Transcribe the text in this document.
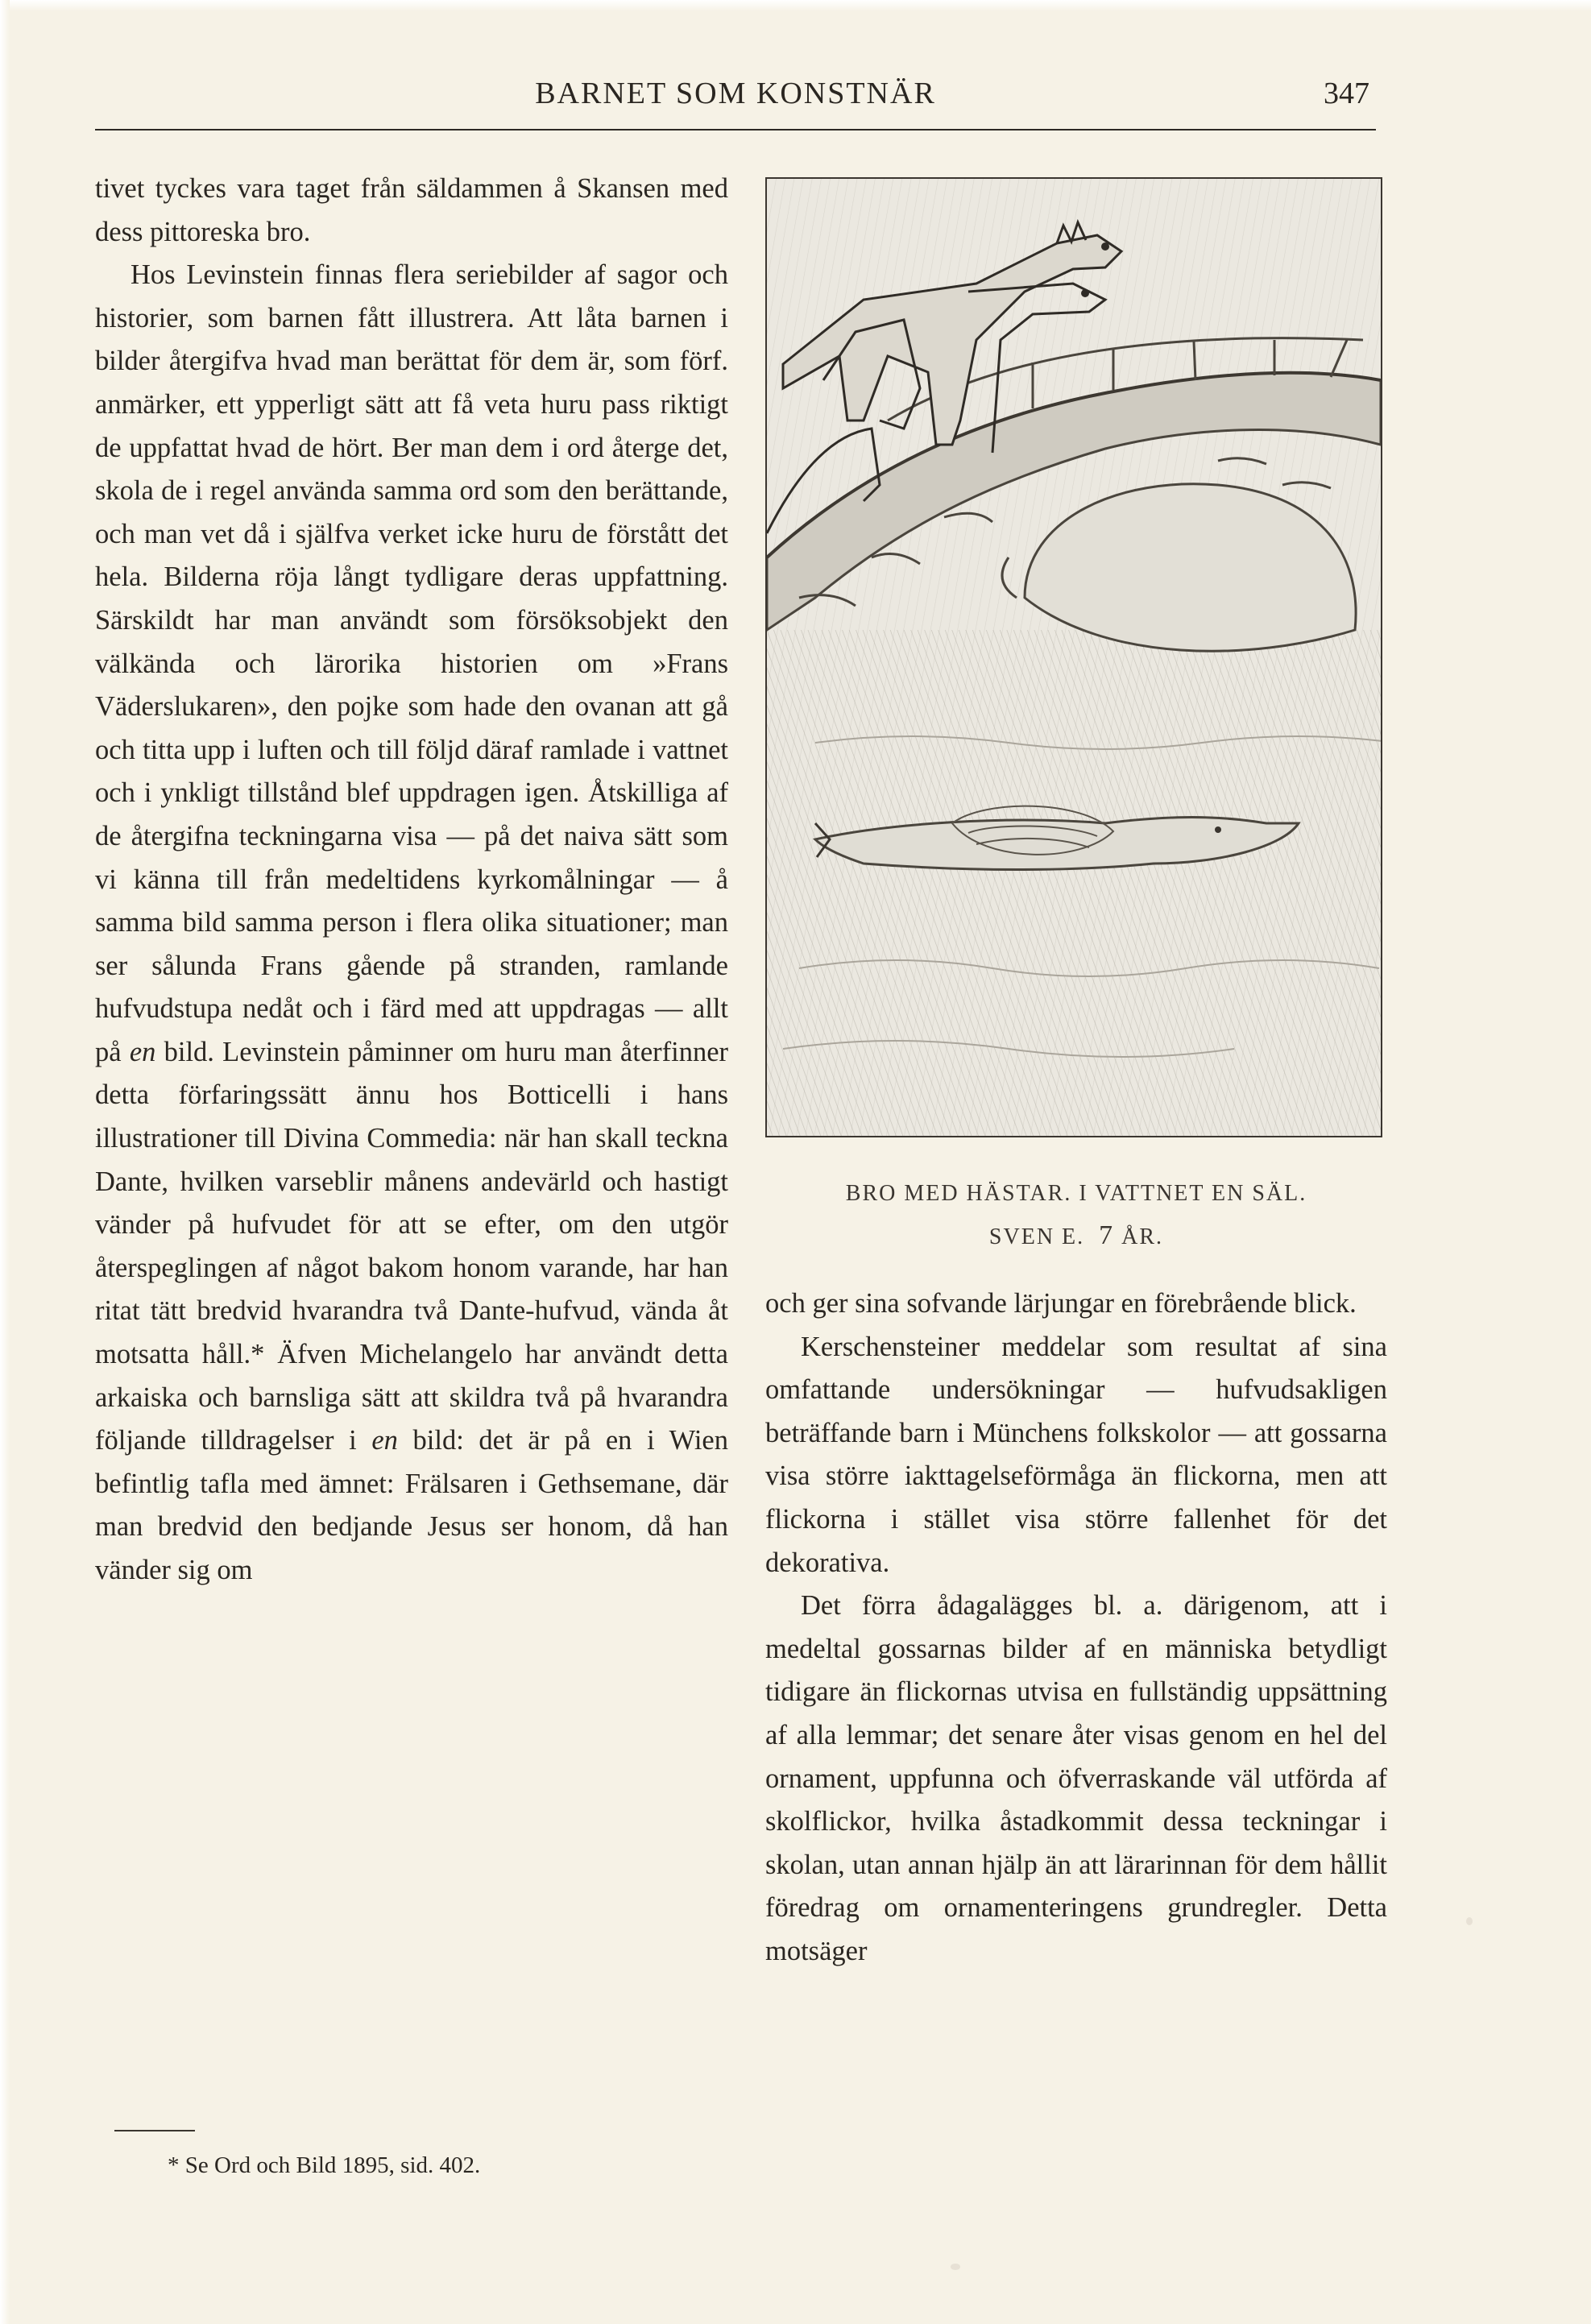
BARNET SOM KONSTNÄR	347

tivet tyckes vara taget från säldammen å Skansen med dess pittoreska bro.

Hos Levinstein finnas flera seriebilder af sagor och historier, som barnen fått illustrera. Att låta barnen i bilder återgifva hvad man berättat för dem är, som förf. anmärker, ett ypperligt sätt att få veta huru pass riktigt de uppfattat hvad de hört. Ber man dem i ord återge det, skola de i regel använda samma ord som den berättande, och man vet då i själfva verket icke huru de förstått det hela. Bilderna röja långt tydligare deras uppfattning. Särskildt har man användt som försöksobjekt den välkända och lärorika historien om »Frans Väderslukaren», den pojke som hade den ovanan att gå och titta upp i luften och till följd däraf ramlade i vattnet och i ynkligt tillstånd blef uppdragen igen. Åtskilliga af de återgifna teckningarna visa — på det naiva sätt som vi känna till från medeltidens kyrkomålningar — å samma bild samma person i flera olika situationer; man ser sålunda Frans gående på stranden, ramlande hufvudstupa nedåt och i färd med att uppdragas — allt på en bild. Levinstein påminner om huru man återfinner detta förfaringssätt ännu hos Botticelli i hans illustrationer till Divina Commedia: när han skall teckna Dante, hvilken varseblir månens andevärld och hastigt vänder på hufvudet för att se efter, om den utgör återspeglingen af något bakom honom varande, har han ritat tätt bredvid hvarandra två Dante-hufvud, vända åt motsatta håll.* Äfven Michelangelo har användt detta arkaiska och barnsliga sätt att skildra två på hvarandra följande tilldragelser i en bild: det är på en i Wien befintlig tafla med ämnet: Frälsaren i Gethsemane, där man bredvid den bedjande Jesus ser honom, då han vänder sig om

* Se Ord och Bild 1895, sid. 402.
BRO MED HÄSTAR. I VATTNET EN SÄL.
SVEN E. 7 ÅR.

och ger sina sofvande lärjungar en förebrående blick.

Kerschensteiner meddelar som resultat af sina omfattande undersökningar — hufvudsakligen beträffande barn i Münchens folkskolor — att gossarna visa större iakttagelseförmåga än flickorna, men att flickorna i stället visa större fallenhet för det dekorativa.

Det förra ådagalägges bl. a. därigenom, att i medeltal gossarnas bilder af en människa betydligt tidigare än flickornas utvisa en fullständig uppsättning af alla lemmar; det senare åter visas genom en hel del ornament, uppfunna och öfverraskande väl utförda af skolflickor, hvilka åstadkommit dessa teckningar i skolan, utan annan hjälp än att lärarinnan för dem hållit föredrag om ornamenteringens grundregler. Detta motsäger
